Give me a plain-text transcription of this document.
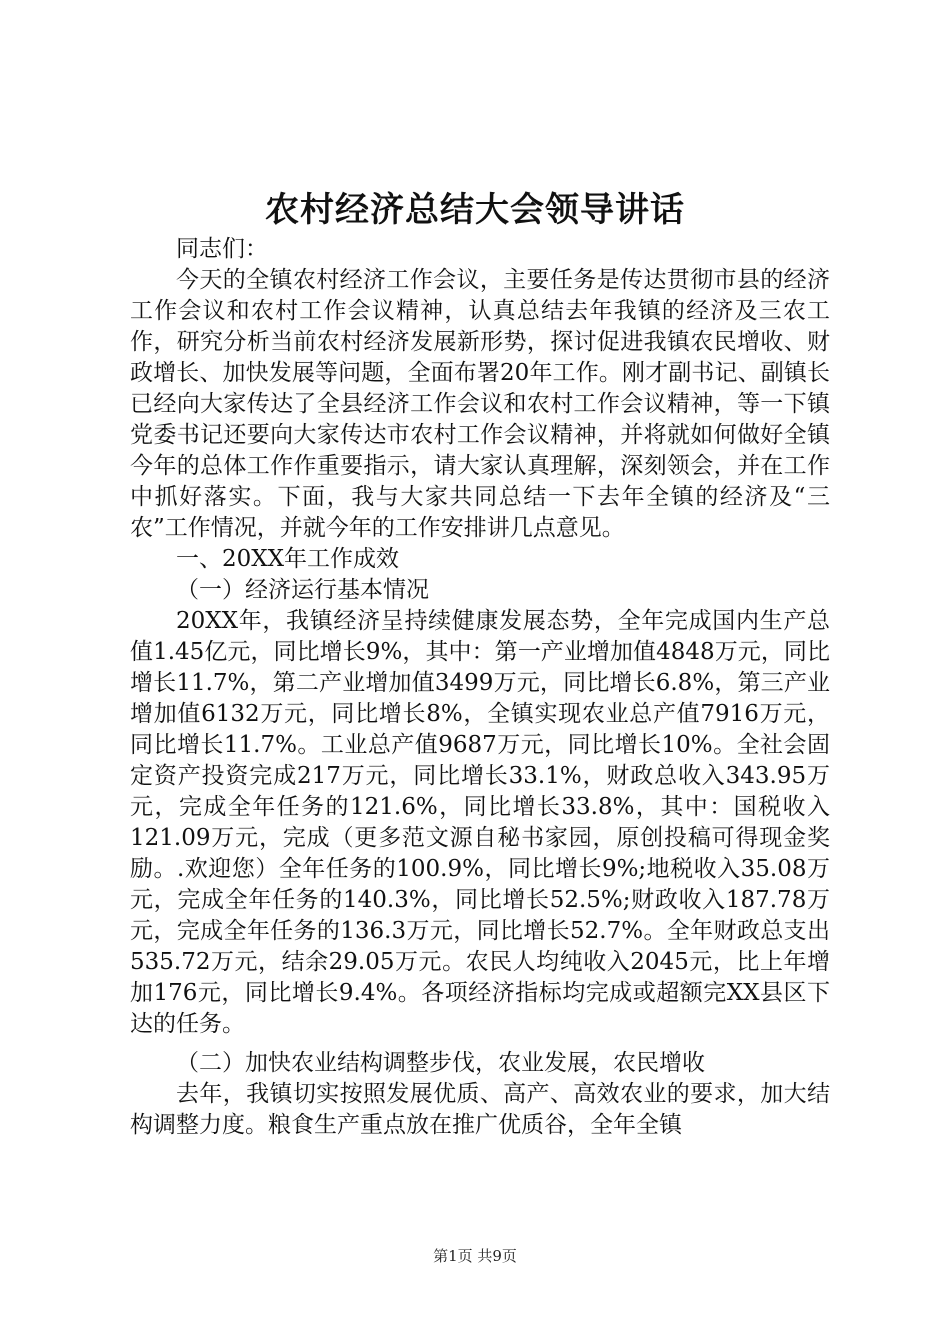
农村经济总结大会领导讲话

同志们：

今天的全镇农村经济工作会议，主要任务是传达贯彻市县的经济工作会议和农村工作会议精神，认真总结去年我镇的经济及三农工作，研究分析当前农村经济发展新形势，探讨促进我镇农民增收、财政增长、加快发展等问题，全面布署20年工作。刚才副书记、副镇长已经向大家传达了全县经济工作会议和农村工作会议精神，等一下镇党委书记还要向大家传达市农村工作会议精神，并将就如何做好全镇今年的总体工作作重要指示，请大家认真理解，深刻领会，并在工作中抓好落实。下面，我与大家共同总结一下去年全镇的经济及“三农”工作情况，并就今年的工作安排讲几点意见。

一、20XX年工作成效

（一）经济运行基本情况

20XX年，我镇经济呈持续健康发展态势，全年完成国内生产总值1.45亿元，同比增长9%，其中：第一产业增加值4848万元，同比增长11.7%，第二产业增加值3499万元，同比增长6.8%，第三产业增加值6132万元，同比增长8%，全镇实现农业总产值7916万元，同比增长11.7%。工业总产值9687万元，同比增长10%。全社会固定资产投资完成217万元，同比增长33.1%，财政总收入343.95万元，完成全年任务的121.6%，同比增长33.8%，其中：国税收入121.09万元，完成（更多范文源自秘书家园，原创投稿可得现金奖励。.欢迎您）全年任务的100.9%，同比增长9%;地税收入35.08万元，完成全年任务的140.3%，同比增长52.5%;财政收入187.78万元，完成全年任务的136.3万元，同比增长52.7%。全年财政总支出535.72万元，结余29.05万元。农民人均纯收入2045元，比上年增加176元，同比增长9.4%。各项经济指标均完成或超额完XX县区下达的任务。

（二）加快农业结构调整步伐，农业发展，农民增收

去年，我镇切实按照发展优质、高产、高效农业的要求，加大结构调整力度。粮食生产重点放在推广优质谷，全年全镇

第1页 共9页
